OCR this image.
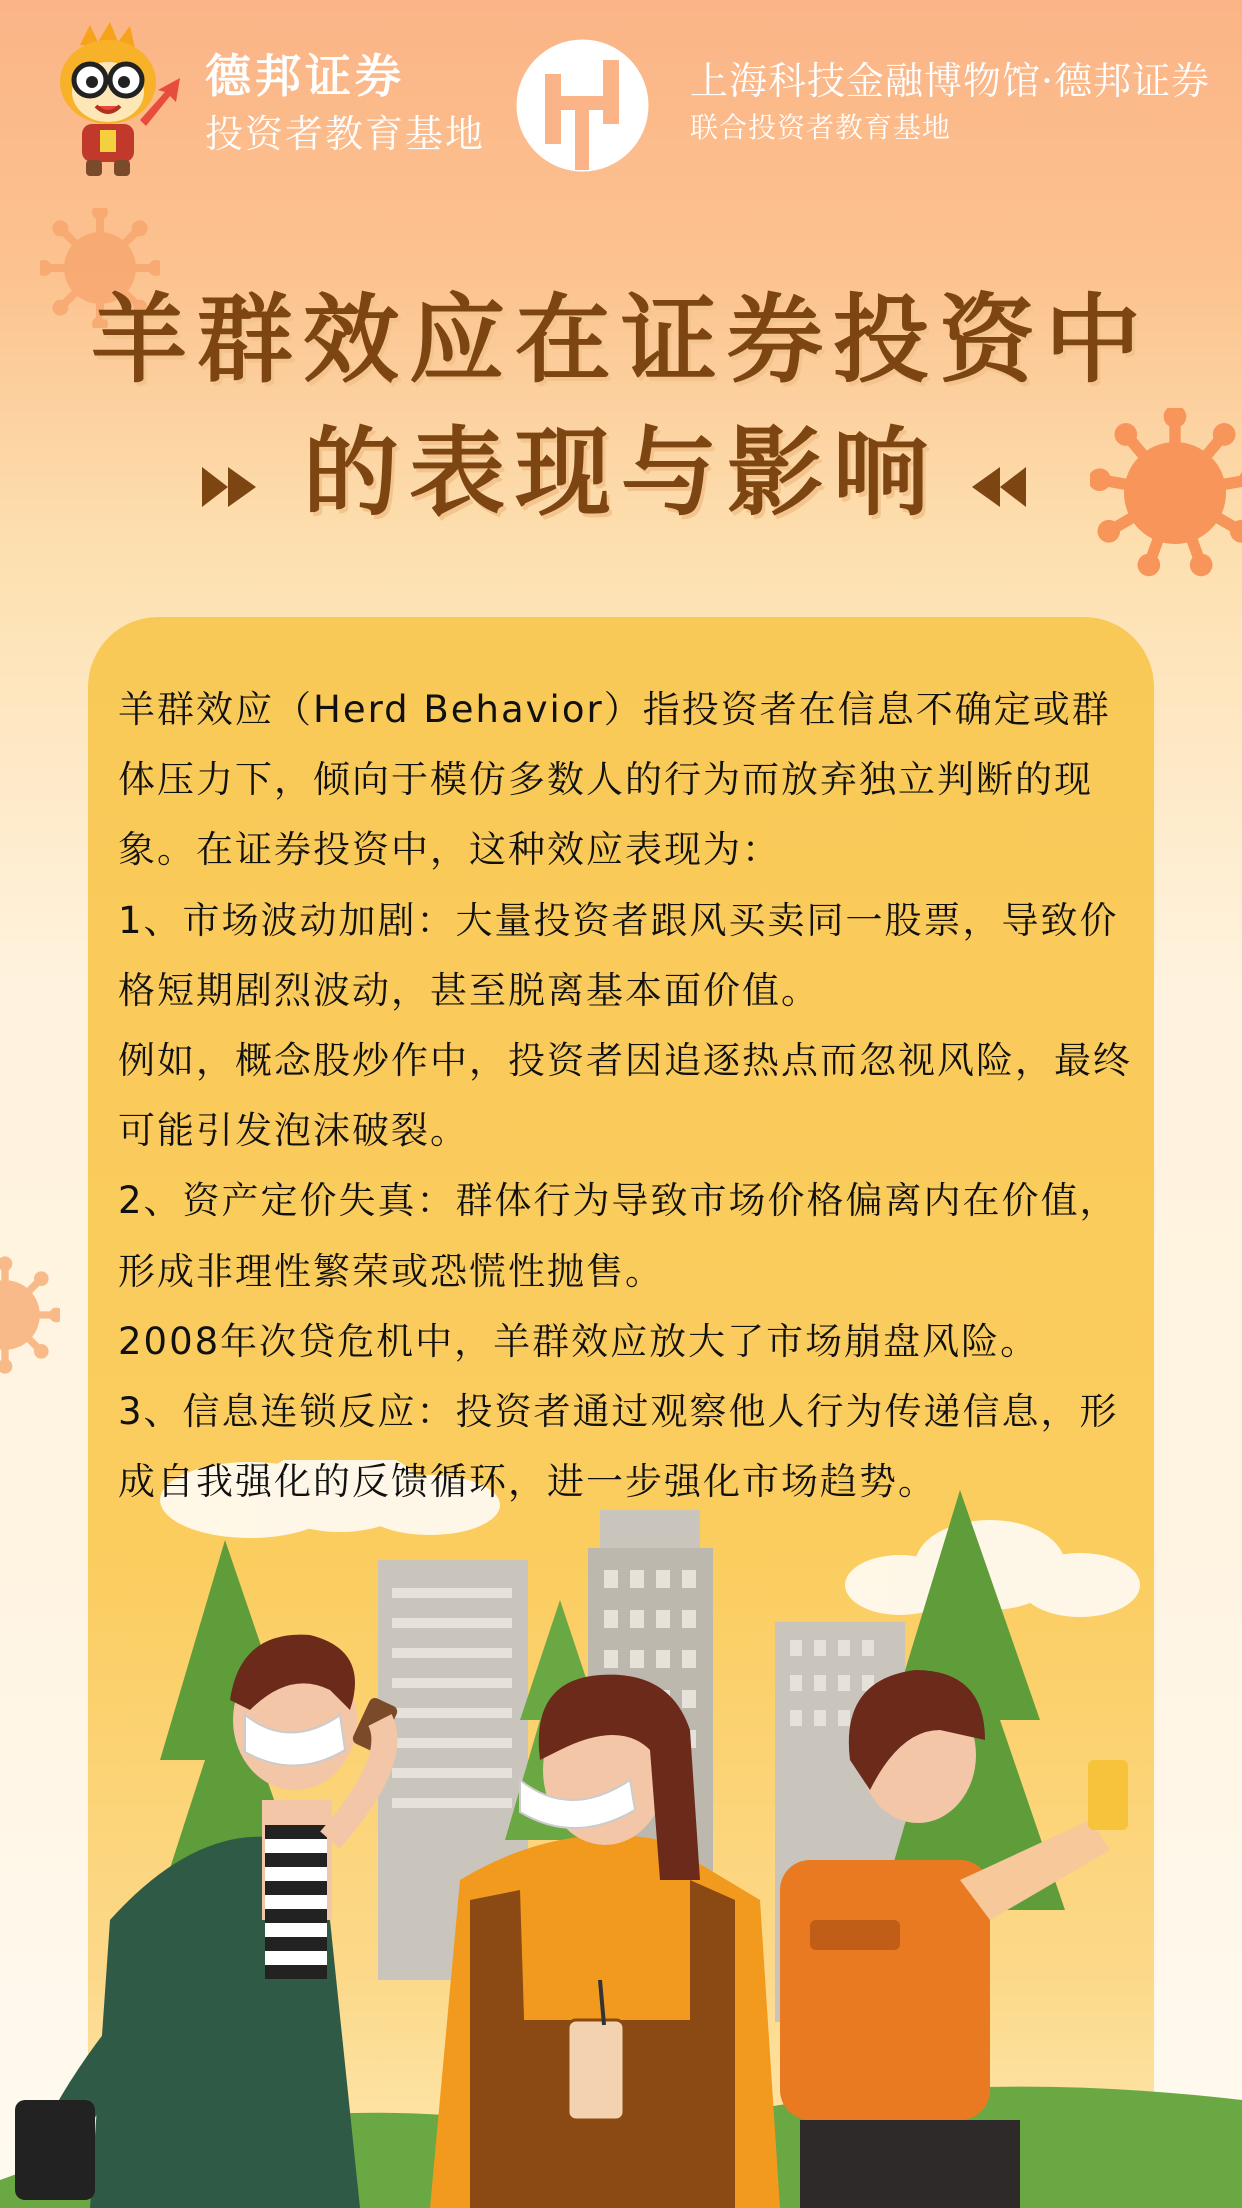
德邦证券
投资者教育基地
上海科技金融博物馆·德邦证券
联合投资者教育基地
羊群效应在证券投资中
的表现与影响

羊群效应（Herd Behavior）指投资者在信息不确定或群体压力下，倾向于模仿多数人的行为而放弃独立判断的现象。在证券投资中，这种效应表现为：

1、市场波动加剧：大量投资者跟风买卖同一股票，导致价格短期剧烈波动，甚至脱离基本面价值。

例如，概念股炒作中，投资者因追逐热点而忽视风险，最终可能引发泡沫破裂。

2、资产定价失真：群体行为导致市场价格偏离内在价值，形成非理性繁荣或恐慌性抛售。

2008年次贷危机中，羊群效应放大了市场崩盘风险。

3、信息连锁反应：投资者通过观察他人行为传递信息，形成自我强化的反馈循环，进一步强化市场趋势。
